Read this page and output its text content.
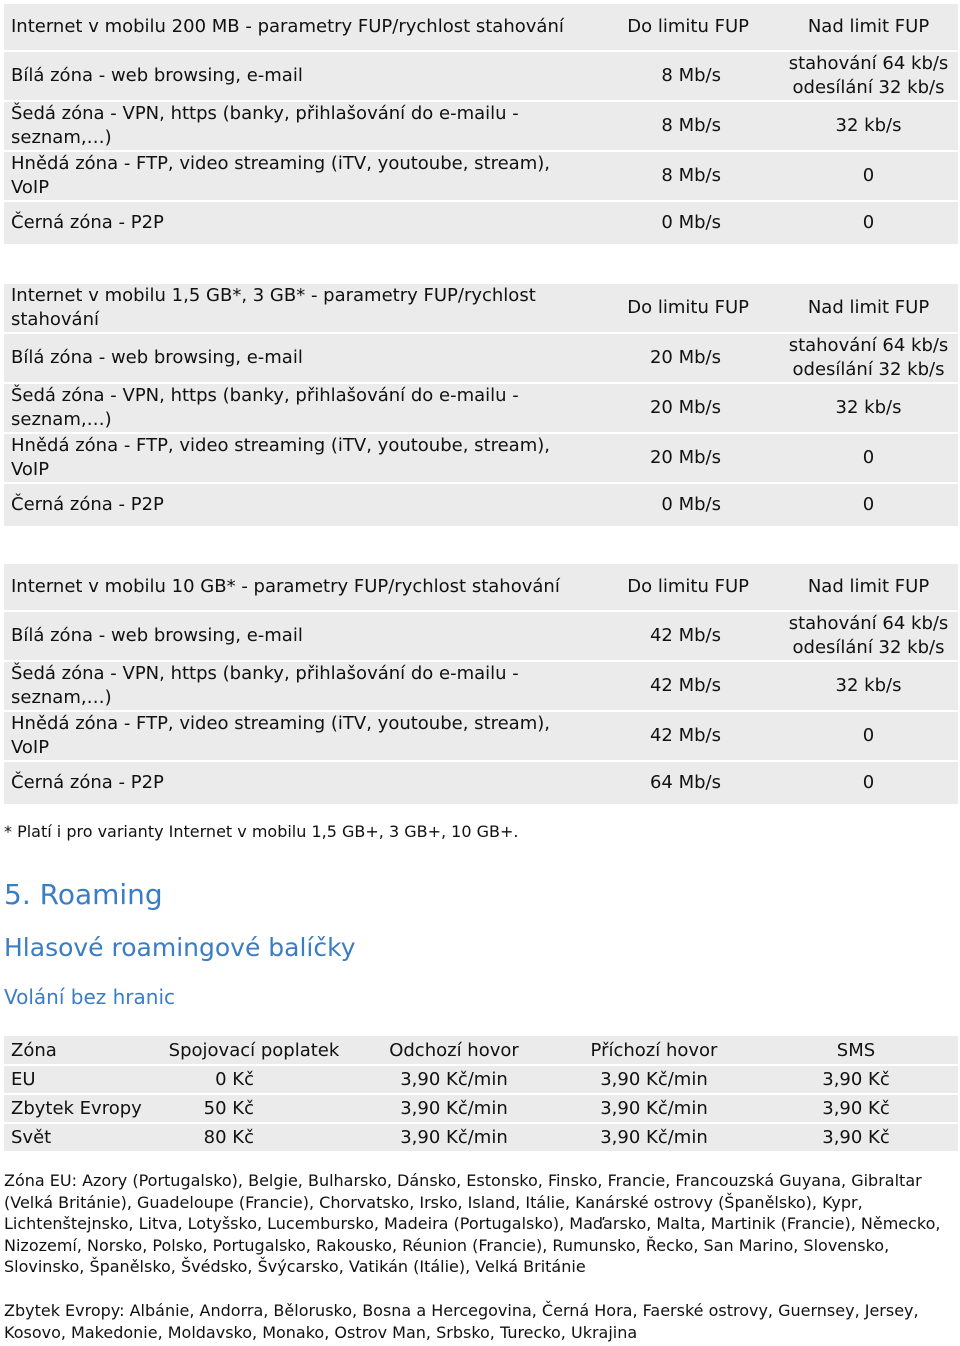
Internet v mobilu 200 MB - parametry FUP/rychlost stahování	Do limitu FUP	Nad limit FUP
Bílá zóna - web browsing, e-mail	8 Mb/s	stahování 64 kb/s
odesílání 32 kb/s
Šedá zóna - VPN, https (banky, přihlašování do e-mailu - seznam,…)	8 Mb/s	32 kb/s
Hnědá zóna - FTP, video streaming (iTV, youtoube, stream), VoIP	8 Mb/s	0
Černá zóna - P2P	0 Mb/s	0
Internet v mobilu 1,5 GB*, 3 GB* - parametry FUP/rychlost stahování	Do limitu FUP	Nad limit FUP
Bílá zóna - web browsing, e-mail	20 Mb/s	stahování 64 kb/s
odesílání 32 kb/s
Šedá zóna - VPN, https (banky, přihlašování do e-mailu - seznam,…)	20 Mb/s	32 kb/s
Hnědá zóna - FTP, video streaming (iTV, youtoube, stream), VoIP	20 Mb/s	0
Černá zóna - P2P	0 Mb/s	0
Internet v mobilu 10 GB* - parametry FUP/rychlost stahování	Do limitu FUP	Nad limit FUP
Bílá zóna - web browsing, e-mail	42 Mb/s	stahování 64 kb/s
odesílání 32 kb/s
Šedá zóna - VPN, https (banky, přihlašování do e-mailu - seznam,…)	42 Mb/s	32 kb/s
Hnědá zóna - FTP, video streaming (iTV, youtoube, stream), VoIP	42 Mb/s	0
Černá zóna - P2P	64 Mb/s	0
* Platí i pro varianty Internet v mobilu 1,5 GB+, 3 GB+, 10 GB+.
5. Roaming
Hlasové roamingové balíčky
Volání bez hranic
Zóna	Spojovací poplatek	Odchozí hovor	Příchozí hovor	SMS
EU	0 Kč	3,90 Kč/min	3,90 Kč/min	3,90 Kč
Zbytek Evropy	50 Kč	3,90 Kč/min	3,90 Kč/min	3,90 Kč
Svět	80 Kč	3,90 Kč/min	3,90 Kč/min	3,90 Kč
Zóna EU: Azory (Portugalsko), Belgie, Bulharsko, Dánsko, Estonsko, Finsko, Francie, Francouzská Guyana, Gibraltar (Velká Británie), Guadeloupe (Francie), Chorvatsko, Irsko, Island, Itálie, Kanárské ostrovy (Španělsko), Kypr, Lichtenštejnsko, Litva, Lotyšsko, Lucembursko, Madeira (Portugalsko), Maďarsko, Malta, Martinik (Francie), Německo, Nizozemí, Norsko, Polsko, Portugalsko, Rakousko, Réunion (Francie), Rumunsko, Řecko, San Marino, Slovensko, Slovinsko, Španělsko, Švédsko, Švýcarsko, Vatikán (Itálie), Velká Británie
Zbytek Evropy: Albánie, Andorra, Bělorusko, Bosna a Hercegovina, Černá Hora, Faerské ostrovy, Guernsey, Jersey, Kosovo, Makedonie, Moldavsko, Monako, Ostrov Man, Srbsko, Turecko, Ukrajina
